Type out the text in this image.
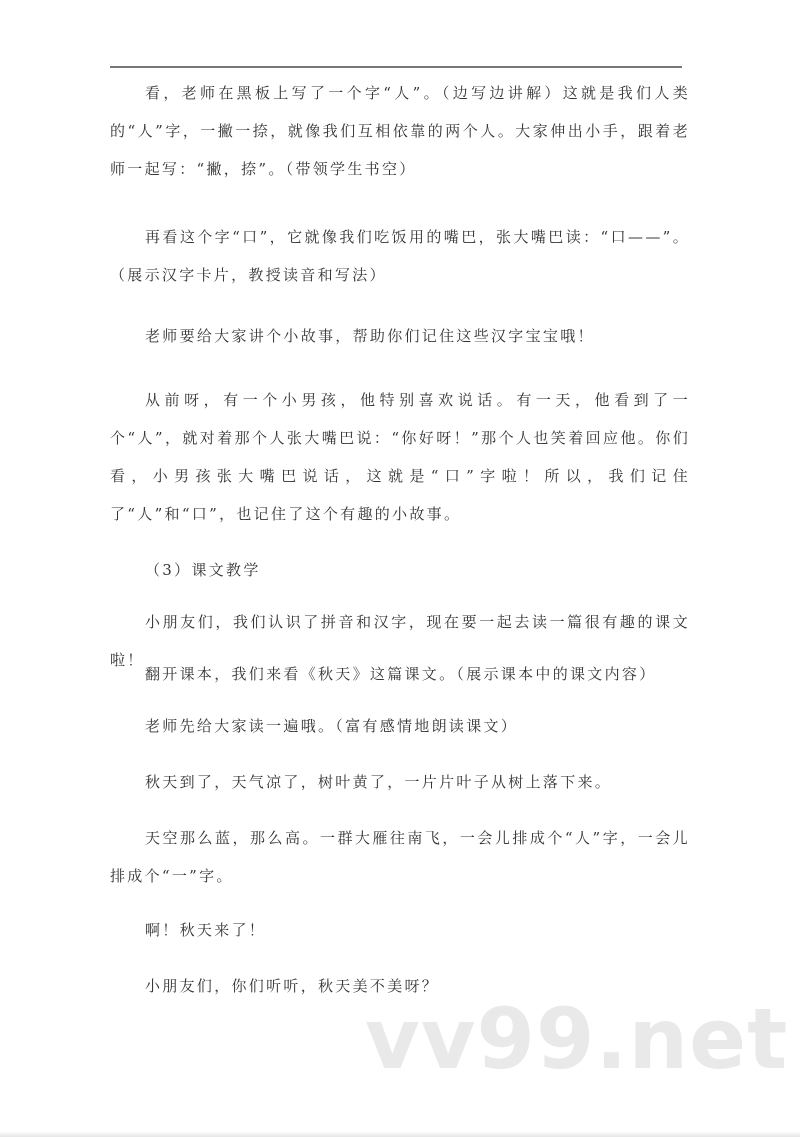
看，老师在黑板上写了一个字“人”。（边写边讲解）这就是我们人类的“人”字，一撇一捺，就像我们互相依靠的两个人。大家伸出小手，跟着老师一起写：“撇，捺”。（带领学生书空）

再看这个字“口”，它就像我们吃饭用的嘴巴，张大嘴巴读：“口——”。（展示汉字卡片，教授读音和写法）

老师要给大家讲个小故事，帮助你们记住这些汉字宝宝哦！

从前呀，有一个小男孩，他特别喜欢说话。有一天，他看到了一个“人”，就对着那个人张大嘴巴说：“你好呀！”那个人也笑着回应他。你们看，小男孩张大嘴巴说话，这就是“口”字啦！所以，我们记住了“人”和“口”，也记住了这个有趣的小故事。

（3）课文教学

小朋友们，我们认识了拼音和汉字，现在要一起去读一篇很有趣的课文啦！

翻开课本，我们来看《秋天》这篇课文。（展示课本中的课文内容）

老师先给大家读一遍哦。（富有感情地朗读课文）

秋天到了，天气凉了，树叶黄了，一片片叶子从树上落下来。

天空那么蓝，那么高。一群大雁往南飞，一会儿排成个“人”字，一会儿排成个“一”字。

啊！秋天来了！

小朋友们，你们听听，秋天美不美呀？

vv99.net
